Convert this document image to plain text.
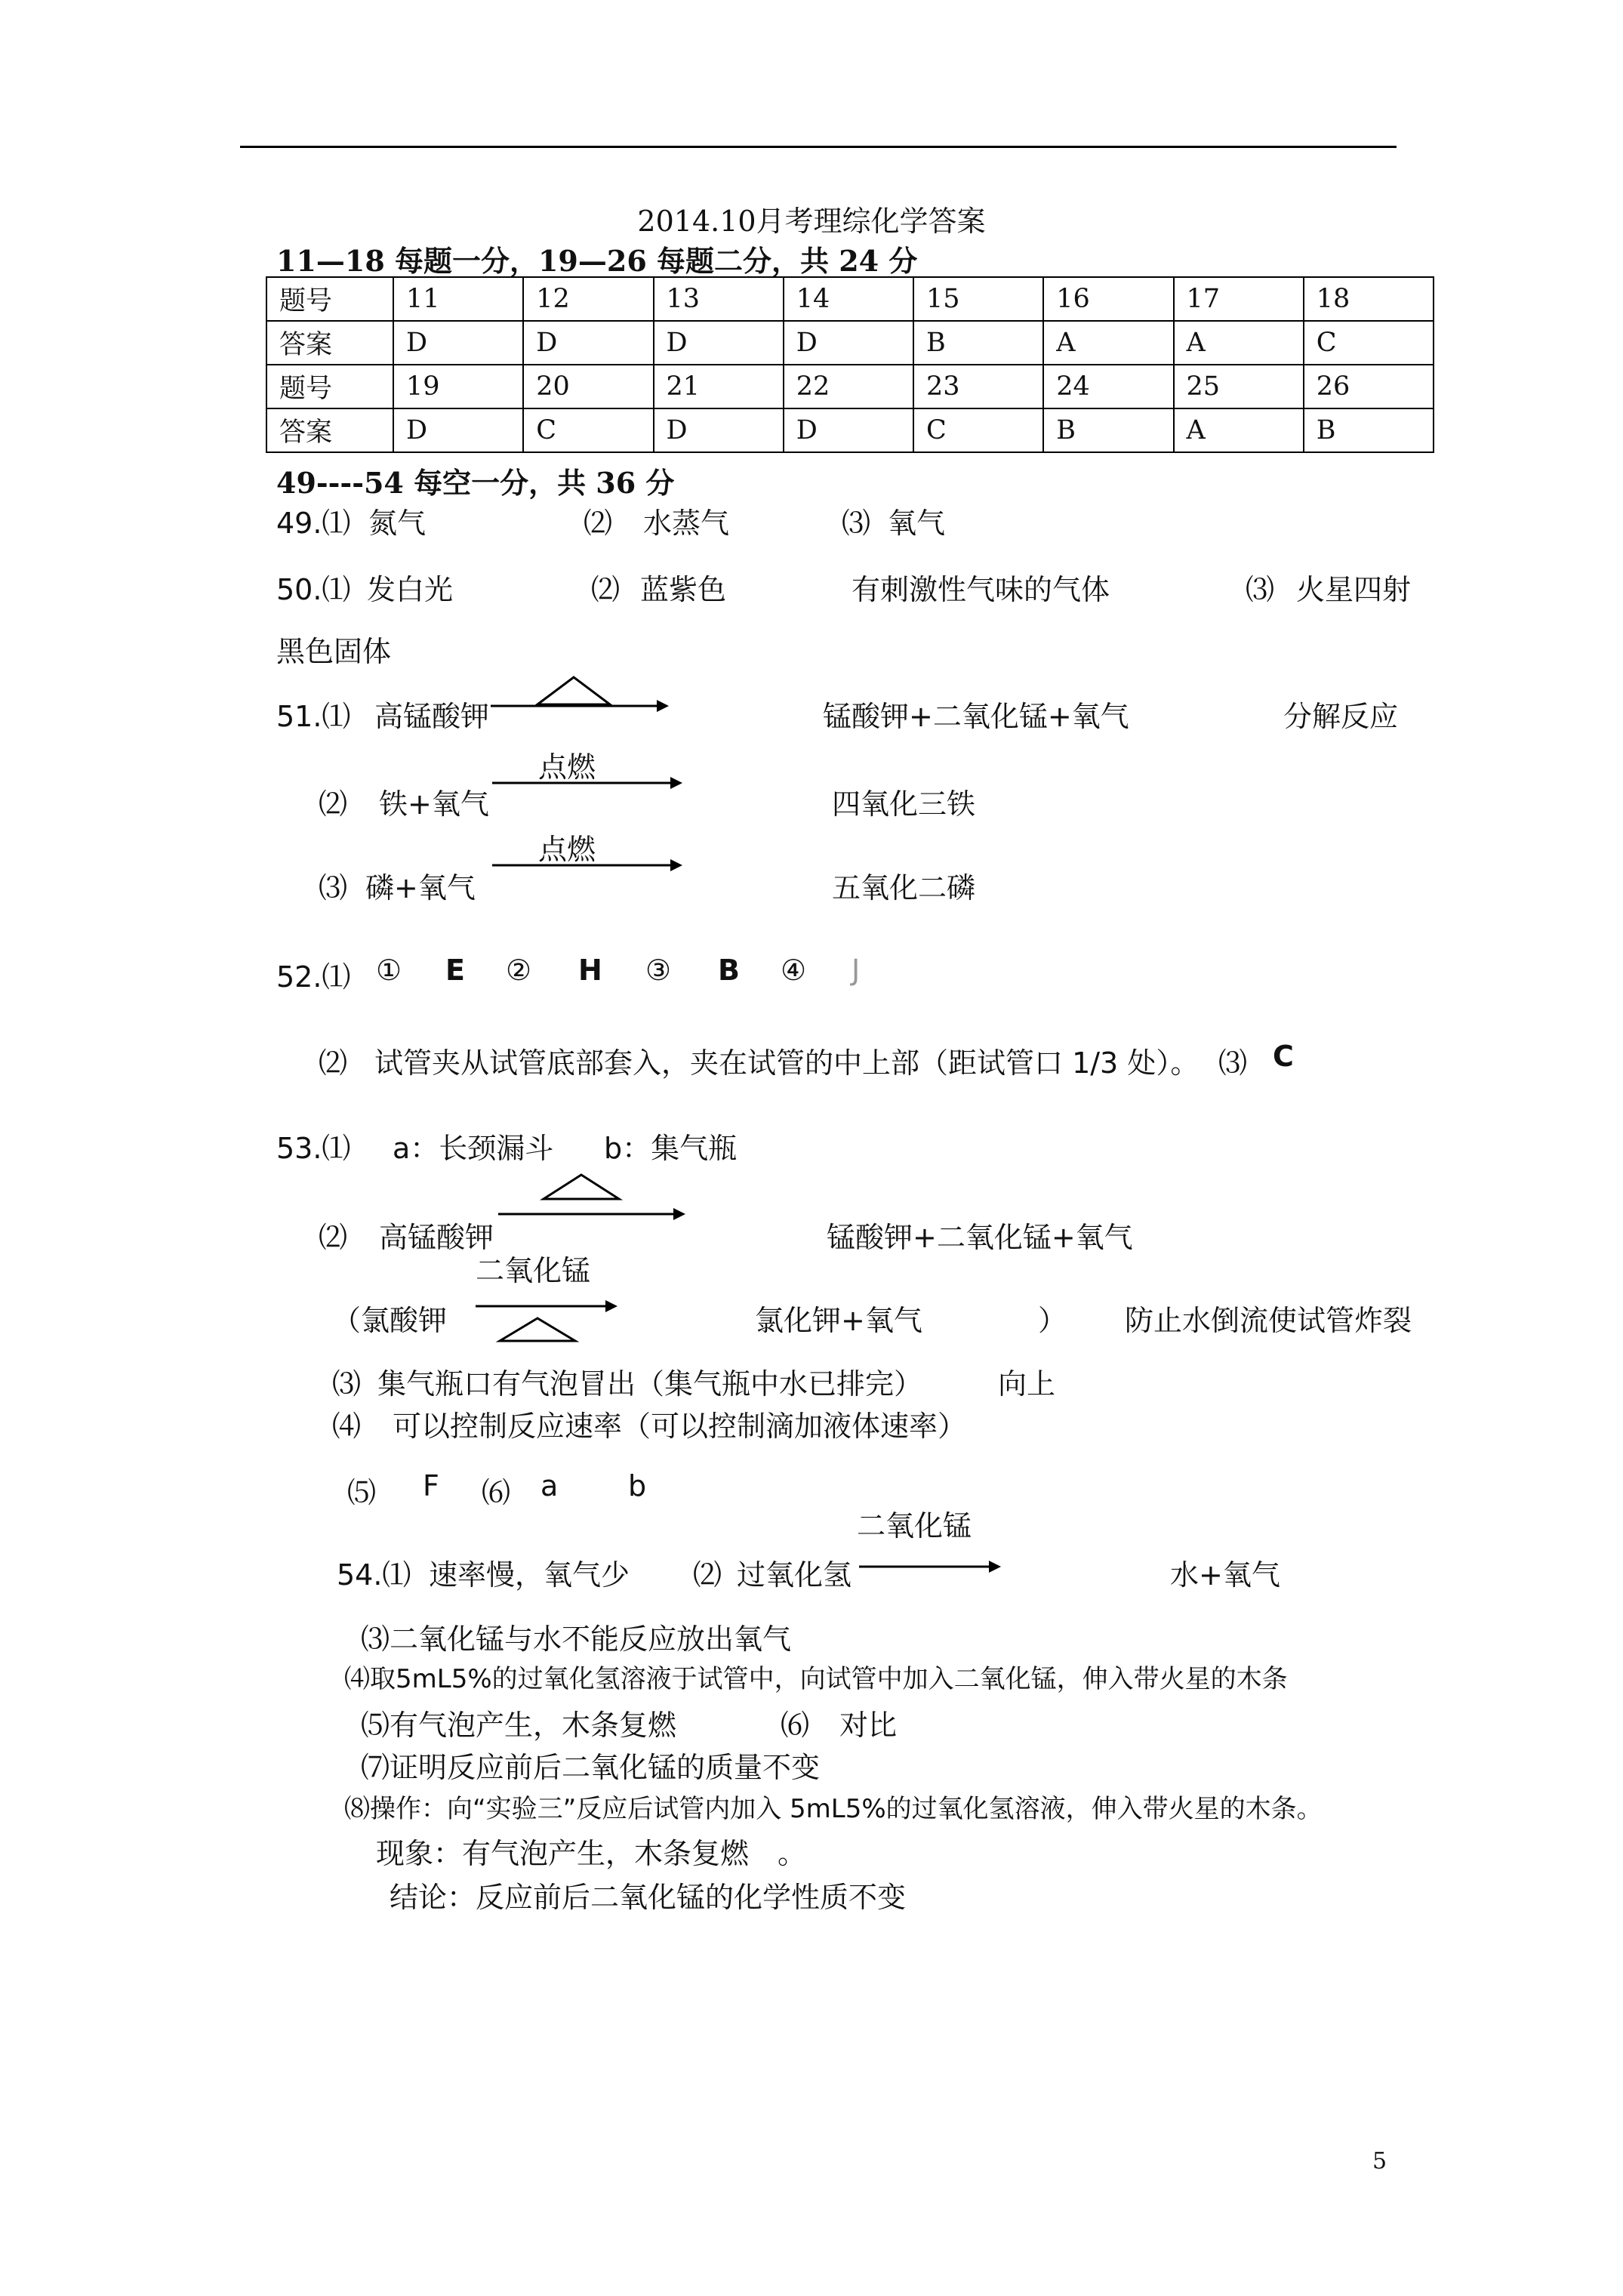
2014.10月考理综化学答案
11—18 每题一分，19—26 每题二分，共 24 分
题号	11	12	13	14	15	16	17	18
答案	D	D	D	D	B	A	A	C
题号	19	20	21	22	23	24	25	26
答案	D	C	D	D	C	B	A	B
49----54 每空一分，共 36 分
49.⑴ 氮气	⑵ 水蒸气	⑶ 氧气
50.⑴ 发白光	⑵ 蓝紫色	有刺激性气味的气体	⑶ 火星四射
黑色固体
51.⑴ 高锰酸钾	锰酸钾+二氧化锰+氧气	分解反应
⑵ 铁+氧气
点燃
四氧化三铁
⑶ 磷+氧气
点燃
五氧化二磷
52.⑴ ① E ② H ③ B ④ J
⑵ 试管夹从试管底部套入，夹在试管的中上部（距试管口 1/3 处）。 ⑶ C
53.⑴ a：长颈漏斗 b：集气瓶
⑵ 高锰酸钾	锰酸钾+二氧化锰+氧气
二氧化锰
（氯酸钾	氯化钾+氧气	） 防止水倒流使试管炸裂
⑶ 集气瓶口有气泡冒出（集气瓶中水已排完）	向上
⑷ 可以控制反应速率（可以控制滴加液体速率）
⑸ F ⑹ a b
二氧化锰
54.⑴ 速率慢，氧气少 ⑵ 过氧化氢	水+氧气
⑶二氧化锰与水不能反应放出氧气
⑷取5mL5%的过氧化氢溶液于试管中，向试管中加入二氧化锰，伸入带火星的木条
⑸有气泡产生，木条复燃	⑹ 对比
⑺证明反应前后二氧化锰的质量不变
⑻操作：向“实验三”反应后试管内加入 5mL5%的过氧化氢溶液，伸入带火星的木条。
现象：有气泡产生，木条复燃　。
结论：反应前后二氧化锰的化学性质不变
5
